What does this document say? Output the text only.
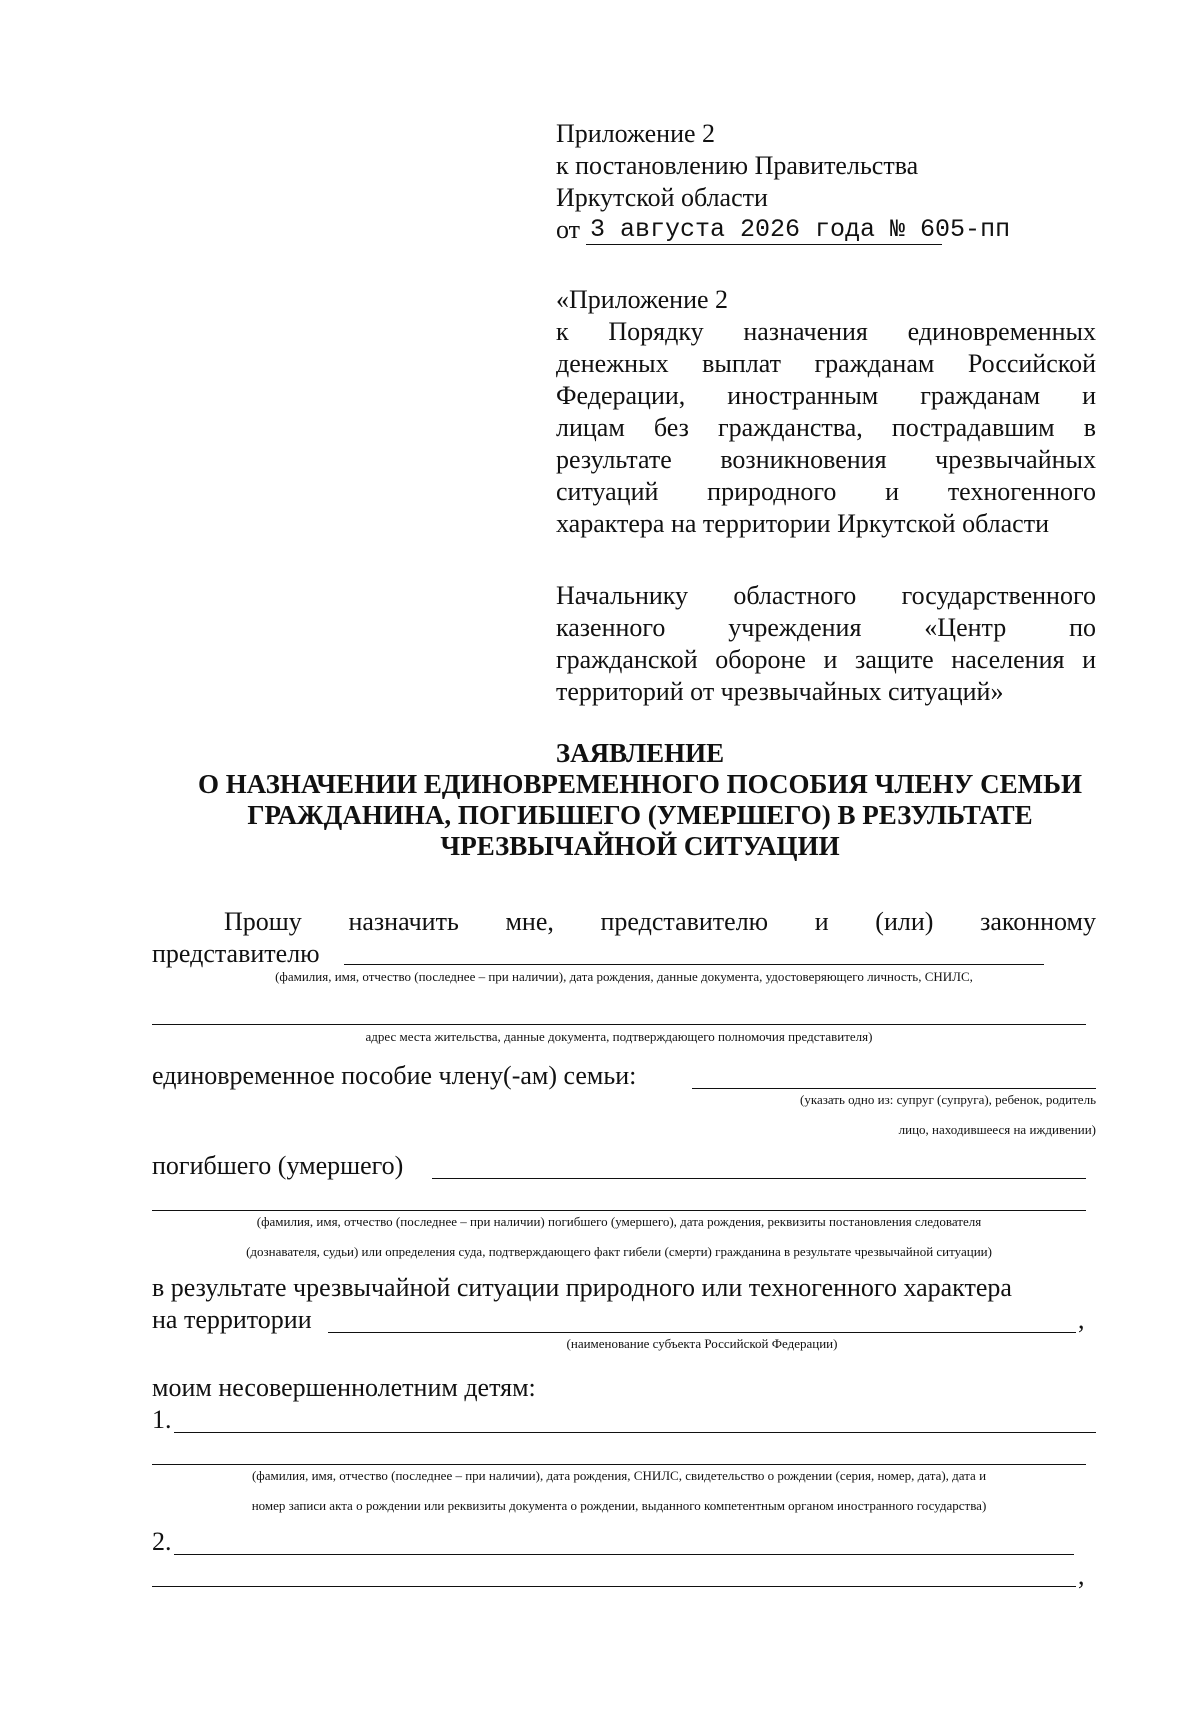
Приложение 2
к постановлению Правительства
Иркутской области
от 3 августа 2026 года № 605-пп
«Приложение 2
к Порядку назначения единовременных
денежных выплат гражданам Российской
Федерации, иностранным гражданам и
лицам без гражданства, пострадавшим в
результате возникновения чрезвычайных
ситуаций природного и техногенного
характера на территории Иркутской области
Начальнику областного государственного
казенного учреждения «Центр по
гражданской обороне и защите населения и
территорий от чрезвычайных ситуаций»
ЗАЯВЛЕНИЕ
О НАЗНАЧЕНИИ ЕДИНОВРЕМЕННОГО ПОСОБИЯ ЧЛЕНУ СЕМЬИ
ГРАЖДАНИНА, ПОГИБШЕГО (УМЕРШЕГО) В РЕЗУЛЬТАТЕ
ЧРЕЗВЫЧАЙНОЙ СИТУАЦИИ
Прошу назначить мне, представителю и (или) законному
представителю
(фамилия, имя, отчество (последнее – при наличии), дата рождения, данные документа, удостоверяющего личность, СНИЛС,
адрес места жительства, данные документа, подтверждающего полномочия представителя)
единовременное пособие члену(-ам) семьи:
(указать одно из: супруг (супруга), ребенок, родитель
лицо, находившееся на иждивении)
погибшего (умершего)
(фамилия, имя, отчество (последнее – при наличии) погибшего (умершего), дата рождения, реквизиты постановления следователя
(дознавателя, судьи) или определения суда, подтверждающего факт гибели (смерти) гражданина в результате чрезвычайной ситуации)
в результате чрезвычайной ситуации природного или техногенного характера
на территории	,
(наименование субъекта Российской Федерации)
моим несовершеннолетним детям:
1.
(фамилия, имя, отчество (последнее – при наличии), дата рождения, СНИЛС, свидетельство о рождении (серия, номер, дата), дата и
номер записи акта о рождении или реквизиты документа о рождении, выданного компетентным органом иностранного государства)
2.
,
